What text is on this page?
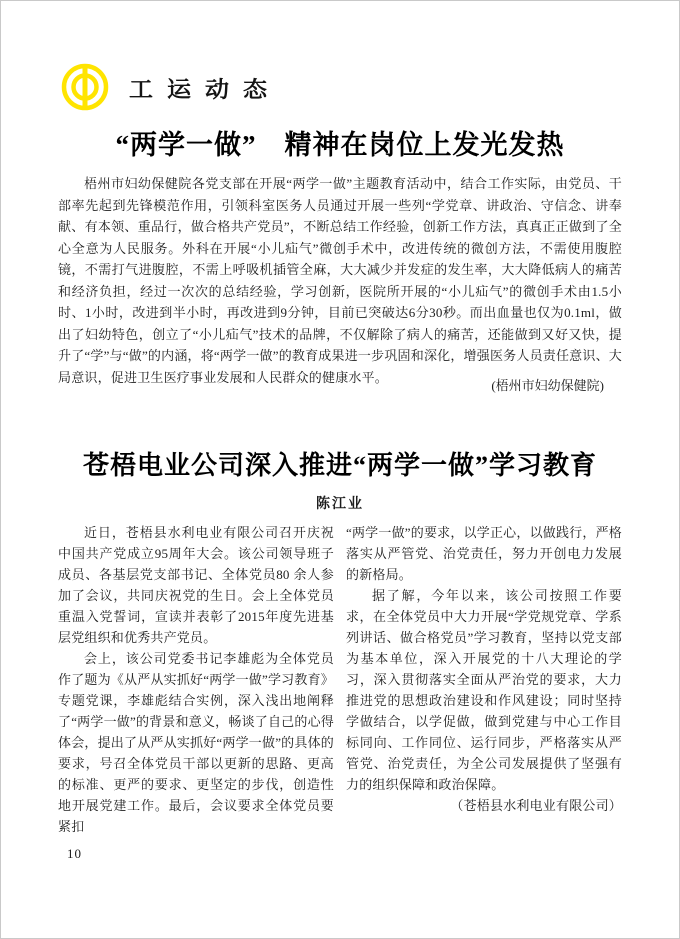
工运动态
“两学一做”　精神在岗位上发光发热

梧州市妇幼保健院各党支部在开展“两学一做”主题教育活动中，结合工作实际，由党员、干部率先起到先锋模范作用，引领科室医务人员通过开展一些列“学党章、讲政治、守信念、讲奉献、有本领、重品行，做合格共产党员”，不断总结工作经验，创新工作方法，真真正正做到了全心全意为人民服务。外科在开展“小儿疝气”微创手术中，改进传统的微创方法，不需使用腹腔镜，不需打气进腹腔，不需上呼吸机插管全麻，大大减少并发症的发生率，大大降低病人的痛苦和经济负担，经过一次次的总结经验，学习创新，医院所开展的“小儿疝气”的微创手术由1.5小时、1小时，改进到半小时，再改进到9分钟，目前已突破达6分30秒。而出血量也仅为0.1ml，做出了妇幼特色，创立了“小儿疝气”技术的品牌，不仅解除了病人的痛苦，还能做到又好又快，提升了“学”与“做”的内涵，将“两学一做”的教育成果进一步巩固和深化，增强医务人员责任意识、大局意识，促进卫生医疗事业发展和人民群众的健康水平。

(梧州市妇幼保健院)
苍梧电业公司深入推进“两学一做”学习教育
陈江业

近日，苍梧县水利电业有限公司召开庆祝中国共产党成立95周年大会。该公司领导班子成员、各基层党支部书记、全体党员80 余人参加了会议，共同庆祝党的生日。会上全体党员重温入党誓词，宣读并表彰了2015年度先进基层党组织和优秀共产党员。

会上，该公司党委书记李雄彪为全体党员作了题为《从严从实抓好“两学一做”学习教育》专题党课，李雄彪结合实例，深入浅出地阐释了“两学一做”的背景和意义，畅谈了自己的心得体会，提出了从严从实抓好“两学一做”的具体的要求，号召全体党员干部以更新的思路、更高的标准、更严的要求、更坚定的步伐，创造性地开展党建工作。最后，会议要求全体党员要紧扣

“两学一做”的要求，以学正心，以做践行，严格落实从严管党、治党责任，努力开创电力发展的新格局。

据了解，今年以来，该公司按照工作要求，在全体党员中大力开展“学党规党章、学系列讲话、做合格党员”学习教育，坚持以党支部为基本单位，深入开展党的十八大理论的学习，深入贯彻落实全面从严治党的要求，大力推进党的思想政治建设和作风建设；同时坚持学做结合，以学促做，做到党建与中心工作目标同向、工作同位、运行同步，严格落实从严管党、治党责任，为全公司发展提供了坚强有力的组织保障和政治保障。
（苍梧县水利电业有限公司）

10
